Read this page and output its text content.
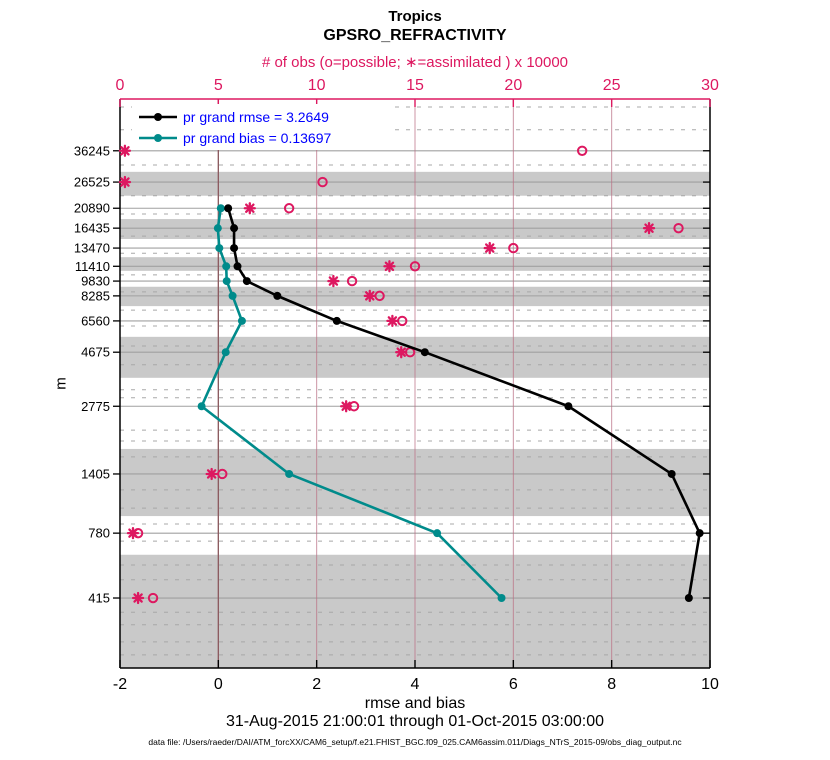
-2	0	2	4	6	8	10
0	5	10	15	20	25	30
36245
26525
20890
16435
13470
11410
9830
8285
6560
4675
2775
1405
780
415
pr grand rmse = 3.2649
pr grand bias = 0.13697
Tropics
GPSRO_REFRACTIVITY
# of obs (o=possible; ∗=assimilated ) x 10000
m
rmse and bias
31-Aug-2015 21:00:01 through 01-Oct-2015 03:00:00
data file: /Users/raeder/DAI/ATM_forcXX/CAM6_setup/f.e21.FHIST_BGC.f09_025.CAM6assim.011/Diags_NTrS_2015-09/obs_diag_output.nc
